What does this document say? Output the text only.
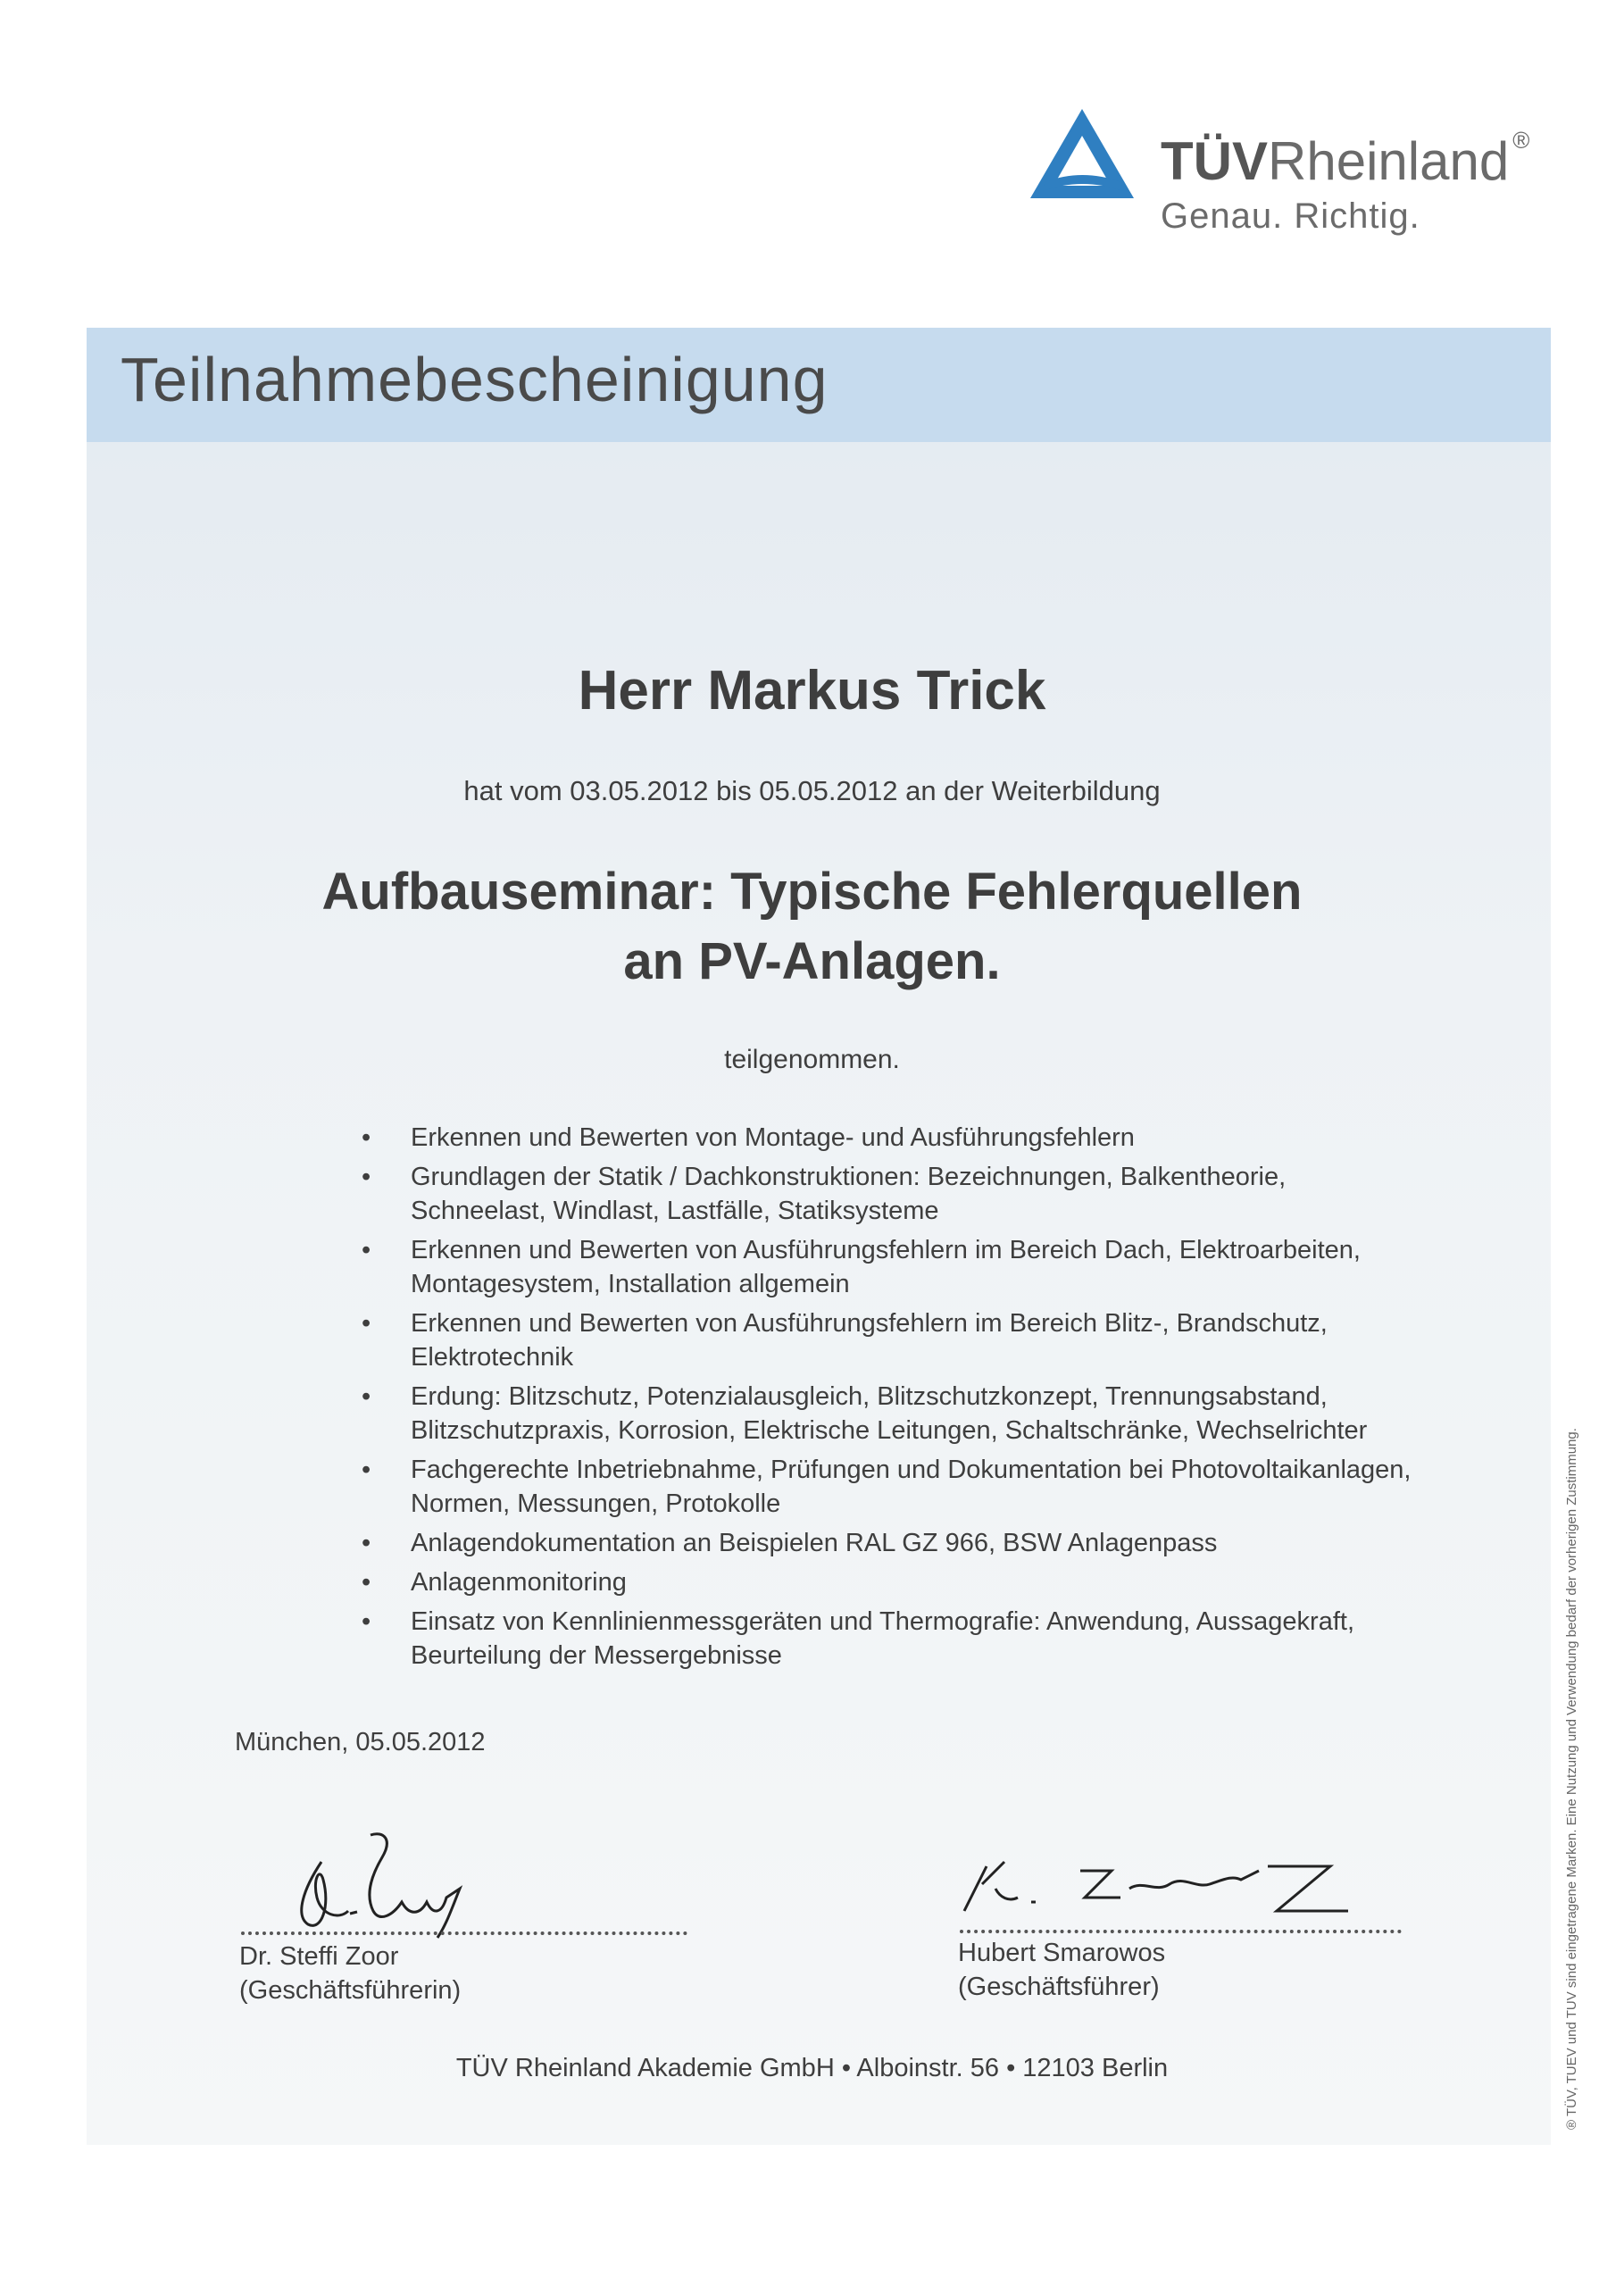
TÜVRheinland ®
Genau. Richtig.
Teilnahmebescheinigung
Herr Markus Trick
hat vom 03.05.2012 bis 05.05.2012 an der Weiterbildung
Aufbauseminar: Typische Fehlerquellen
an PV-Anlagen.
teilgenommen.
• Erkennen und Bewerten von Montage- und Ausführungsfehlern
• Grundlagen der Statik / Dachkonstruktionen: Bezeichnungen, Balkentheorie, Schneelast, Windlast, Lastfälle, Statiksysteme
• Erkennen und Bewerten von Ausführungsfehlern im Bereich Dach, Elektroarbeiten, Montagesystem, Installation allgemein
• Erkennen und Bewerten von Ausführungsfehlern im Bereich Blitz-, Brandschutz, Elektrotechnik
• Erdung: Blitzschutz, Potenzialausgleich, Blitzschutzkonzept, Trennungsabstand, Blitzschutzpraxis, Korrosion, Elektrische Leitungen, Schaltschränke, Wechselrichter
• Fachgerechte Inbetriebnahme, Prüfungen und Dokumentation bei Photovoltaikanlagen, Normen, Messungen, Protokolle
• Anlagendokumentation an Beispielen RAL GZ 966, BSW Anlagenpass
• Anlagenmonitoring
• Einsatz von Kennlinienmessgeräten und Thermografie: Anwendung, Aussagekraft, Beurteilung der Messergebnisse
München, 05.05.2012
Dr. Steffi Zoor
(Geschäftsführerin)
Hubert Smarowos
(Geschäftsführer)
TÜV Rheinland Akademie GmbH • Alboinstr. 56 • 12103 Berlin	® TÜV, TUEV und TUV sind eingetragene Marken. Eine Nutzung und Verwendung bedarf der vorherigen Zustimmung.
